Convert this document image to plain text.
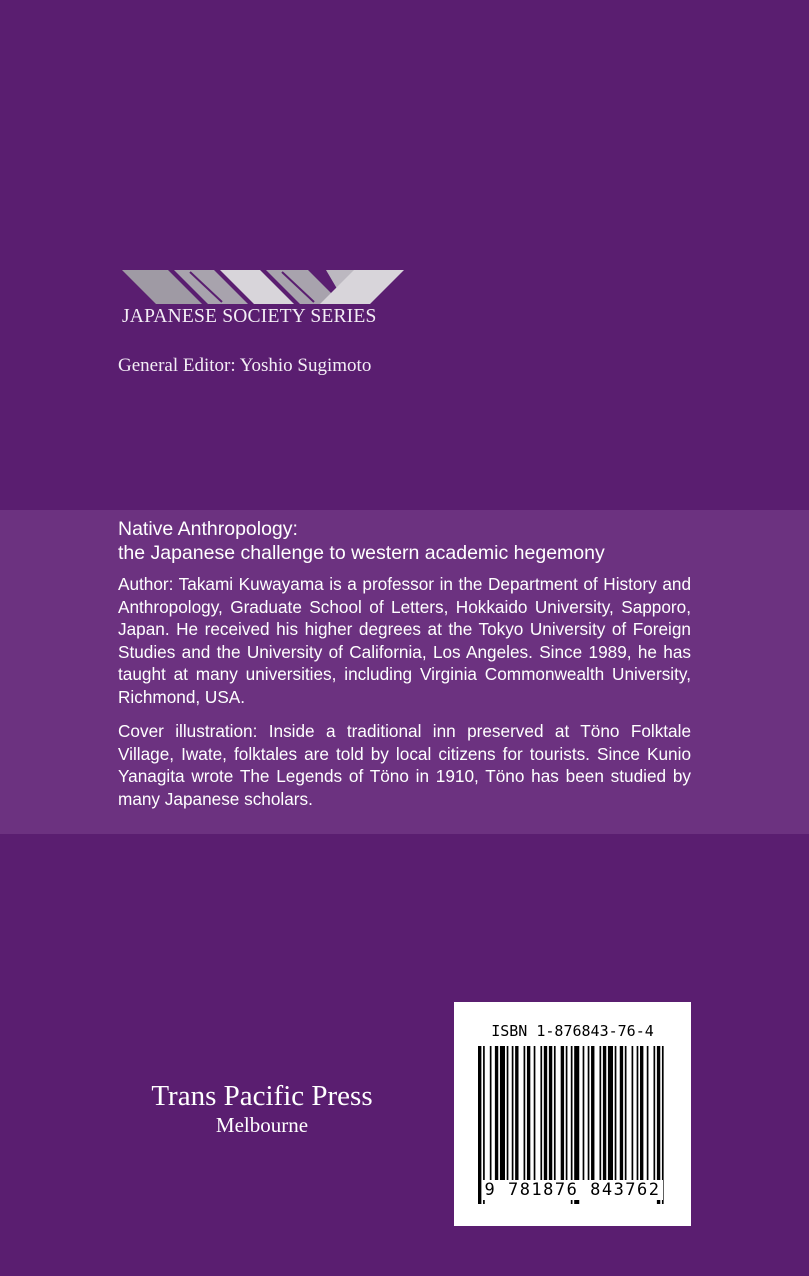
JAPANESE SOCIETY SERIES
General Editor: Yoshio Sugimoto
Native Anthropology:
the Japanese challenge to western academic hegemony
Author: Takami Kuwayama is a professor in the Department of History and Anthropology, Graduate School of Letters, Hokkaido University, Sapporo, Japan. He received his higher degrees at the Tokyo University of Foreign Studies and the University of California, Los Angeles. Since 1989, he has taught at many universities, including Virginia Commonwealth University, Richmond, USA.
Cover illustration: Inside a traditional inn preserved at Töno Folktale Village, Iwate, folktales are told by local citizens for tourists. Since Kunio Yanagita wrote The Legends of Töno in 1910, Töno has been studied by many Japanese scholars.
Trans Pacific Press
Melbourne
ISBN 1-876843-76-4
9 781876 843762
